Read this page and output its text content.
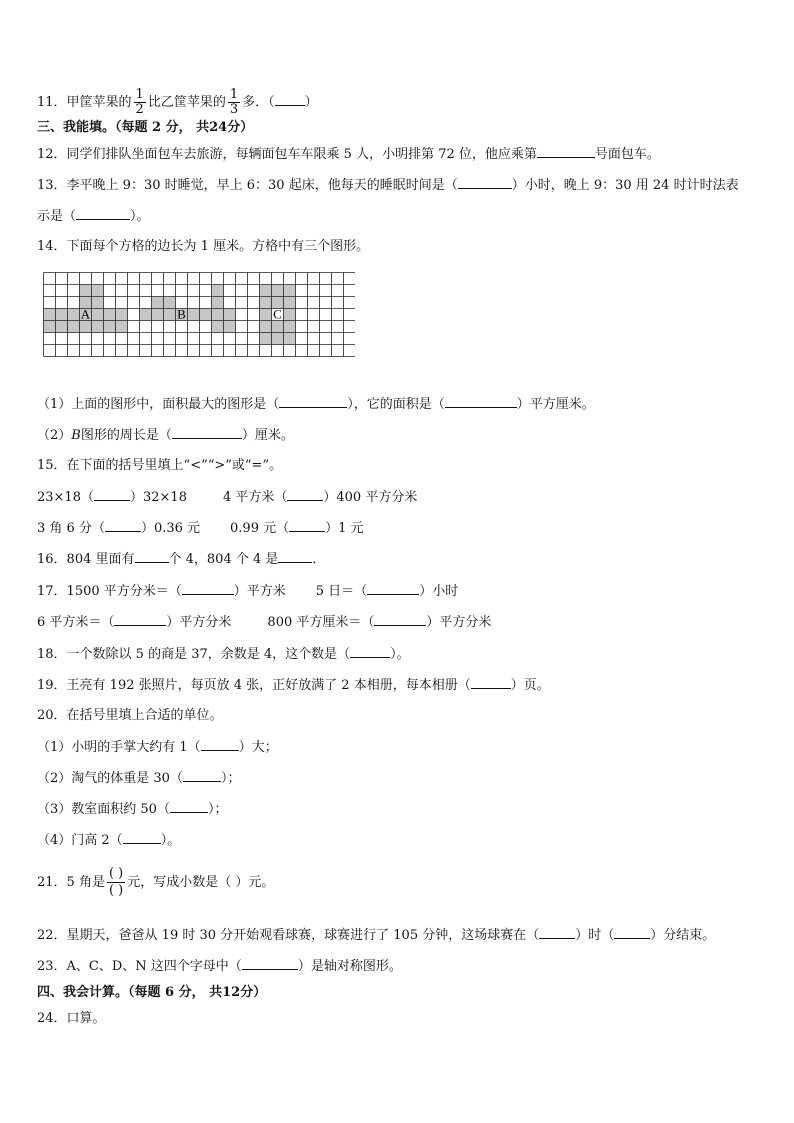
11．甲筐苹果的 $\frac{1}{2}$ 比乙筐苹果的 $\frac{1}{3}$ 多．（ ）
三、我能填。（每题 2 分， 共24分）
12．同学们排队坐面包车去旅游，每辆面包车车限乘 5 人，小明排第 72 位，他应乘第	号面包车。
13．李平晚上 9：30 时睡觉，早上 6：30 起床，他每天的睡眠时间是（	）小时，晚上 9：30 用 24 时计时法表
示是（	）。
14．下面每个方格的边长为 1 厘米。方格中有三个图形。
A	B	C
（1）上面的图形中，面积最大的图形是（	），它的面积是（	）平方厘米。
（2）B图形的周长是（	）厘米。
15．在下面的括号里填上“<”“>”或“=”。
23×18（	）32×18	4 平方米（	）400 平方分米
3 角 6 分（	）0.36 元 0.99 元（	）1 元
16．804 里面有	个 4，804 个 4 是	．
17．1500 平方分米＝（	）平方米 5 日＝（	）小时
6 平方米＝（	）平方分米	800 平方厘米＝（	）平方分米
18．一个数除以 5 的商是 37，余数是 4，这个数是（	）。
19．王亮有 192 张照片，每页放 4 张，正好放满了 2 本相册，每本相册（	）页。
20．在括号里填上合适的单位。
（1）小明的手掌大约有 1（	）大；
（2）淘气的体重是 30（	）；
（3）教室面积约 50（	）；
（4）门高 2（	）。
21．5 角是 $\frac{( )}{( )}$ 元，写成小数是（ ）元。
22．星期天，爸爸从 19 时 30 分开始观看球赛，球赛进行了 105 分钟，这场球赛在（	）时（	）分结束。
23．A、C、D、N 这四个字母中（	）是轴对称图形。
四、我会计算。（每题 6 分， 共12分）
24．口算。
